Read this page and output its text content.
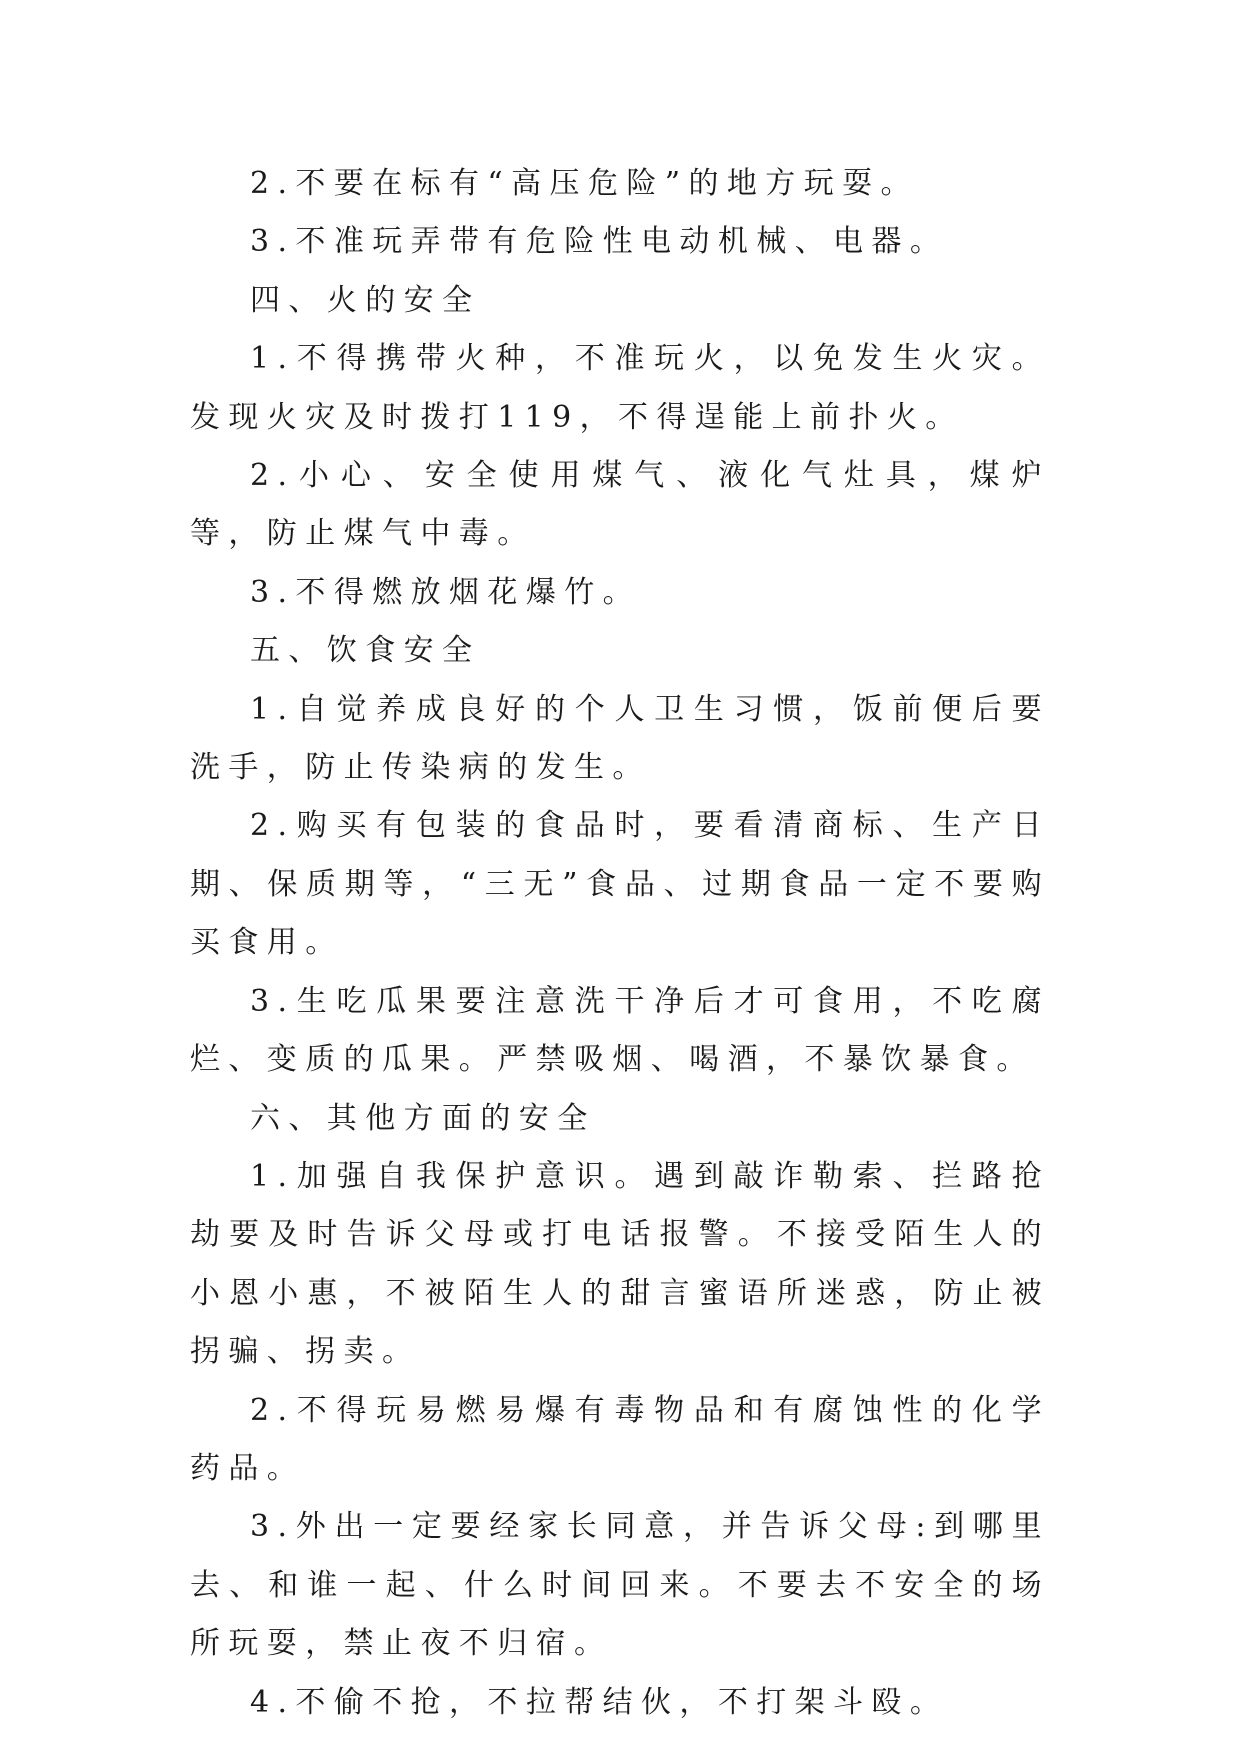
2.不要在标有“高压危险”的地方玩耍。

3.不准玩弄带有危险性电动机械、电器。

四、火的安全

1.不得携带火种，不准玩火，以免发生火灾。发现火灾及时拨打119，不得逞能上前扑火。

2.小心、安全使用煤气、液化气灶具，煤炉等，防止煤气中毒。

3.不得燃放烟花爆竹。

五、饮食安全

1.自觉养成良好的个人卫生习惯，饭前便后要洗手，防止传染病的发生。

2.购买有包装的食品时，要看清商标、生产日期、保质期等，“三无”食品、过期食品一定不要购买食用。

3.生吃瓜果要注意洗干净后才可食用，不吃腐烂、变质的瓜果。严禁吸烟、喝酒，不暴饮暴食。

六、其他方面的安全

1.加强自我保护意识。遇到敲诈勒索、拦路抢劫要及时告诉父母或打电话报警。不接受陌生人的小恩小惠，不被陌生人的甜言蜜语所迷惑，防止被拐骗、拐卖。

2.不得玩易燃易爆有毒物品和有腐蚀性的化学药品。

3.外出一定要经家长同意，并告诉父母:到哪里去、和谁一起、什么时间回来。不要去不安全的场所玩耍，禁止夜不归宿。

4.不偷不抢，不拉帮结伙，不打架斗殴。
